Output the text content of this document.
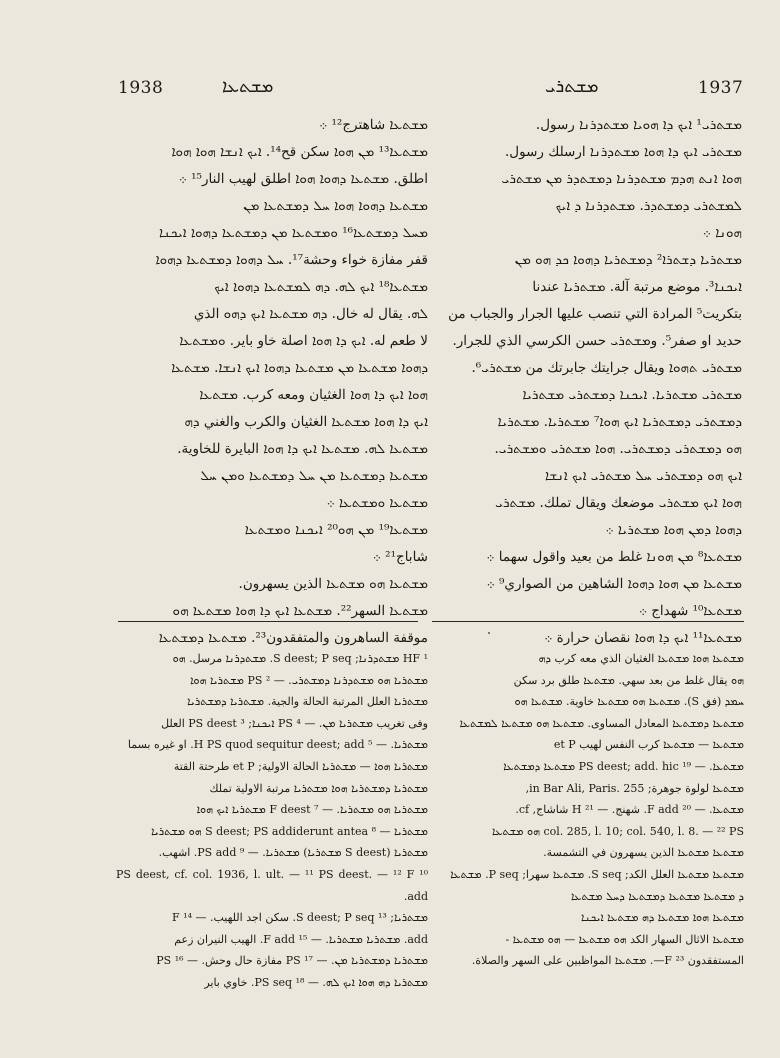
1938	ܡܫܬܥܐ	ܡܫܬܪܝ	1937

ܡܫܬܪܝ¹ ܐܝܟ ܕܐ ܗܘܝܐ ܡܫܬܕܪܢܐ رسول.

ܡܫܬܪܝ ܐܝܟ ܕܐ ܗܘܐ ܡܫܬܕܪܢܐ ارسلك رسول.

ܗܘܐ ܐܢܬ ܗܕܡ ܡܫܬܕܪܢܐ ܕܡܫܬܕܪ ܡܢ ܡܫܬܪܝ

ܠܡܫܬܪܝ ܕܡܫܬܕܪ. ܡܫܬܕܪܢܐ ܕ ܐܝܟ

ܗܘܢܐ ܀

ܡܫܬܪܝܐ ܕܫܬܪܐ² ܕܡܫܬܪܝܐ ܕܗܘܐ ܟܕ ܗܘ ܡܢ

ܐܝܟܢܐ³. موضع مرتبة آلة. ܡܫܬܪܝܐ عندنا

بتكريت⁵ المرادة التي تنصب عليها الجرار والجباب من

حديد او صفر⁵. وܡܫܬܪܝ حسن الكرسي الذي للجرار.

ܡܫܬܪܝ ܬܗܘܐ ويقال جرايتك جابرتك من ܡܫܬܪܝ⁶.

ܡܫܬܪܝ ܡܫܬܪܝܐ. ܐܝܟܢܐ ܕܡܫܬܪܝ ܡܫܬܪܝܐ

ܕܡܫܬܪܝ ܕܡܫܬܪܝܐ ܐܝܟ ܗܘܐ⁷ ܡܫܬܪܝܐ. ܡܫܬܪܝܐ

ܗܘ ܕܡܫܬܪܝ ܕܡܫܬܪܝ. ܗܘܐ ܡܫܬܪܝ ܘܡܫܬܪܝ.

ܐܝܟ ܗܘ ܕܡܫܬܪܝ ܚܠ ܡܫܬܪܝ ܐܝܟ ܐܢܫܐ

ܗܘܐ ܐܝܟ ܡܫܬܪܝ موضعك ويقال تملك. ܡܫܬܪܝ

ܕܗܘܐ ܕܡܢ ܗܘܐ ܡܫܬܪܝܐ ܀

ܡܫܬܥܐ⁸ ܡܢ ܗܘܢܐ غلط من بعيد واقول سهما ܀

ܡܫܬܥܐ ܡܢ ܗܘܐ ܕܗܘܐ الشاهين من الصواري⁹ ܀

ܡܫܬܥܐ¹⁰ شهداج ܀

ܡܫܬܥܐ¹¹ ܐܝܟ ܕܐ ܗܘܐ نقصان حرارة ܀

ܡܫܬܥܐ شاهترج¹² ܀

ܡܫܬܥܐ¹³ ܡܢ ܗܘܐ سكن قح¹⁴. ܐܝܟ ܐܢܫܐ ܗܘܐ ܗܘܐ

اطلق. ܡܫܬܥܐ ܕܗܘܐ ܗܘܐ اطلق لهيب النار¹⁵ ܀

ܡܫܬܥܐ ܕܗܘܐ ܗܘܐ ܚܠ ܕܡܫܬܥܐ ܡܢ

ܡܚܠ ܕܡܫܬܥܐ¹⁶ ܘܡܫܬܥܐ ܡܢ ܕܡܫܬܥܐ ܕܗܘܐ ܐܝܟܢܐ

قفر مفازة خواء وحشة¹⁷. ܚܠ ܕܗܘܐ ܕܡܫܬܥܐ ܕܗܘܐ

ܡܫܬܥܐ¹⁸ ܐܝܟ ܠܗ. ܕܗ ܠܡܫܬܥܐ ܕܗܘܐ ܐܝܟ

ܠܗ. يقال له خال. ܕܗ ܡܫܬܥܐ ܐܝܟ ܕܗܘ الذي

لا طعم له. ܐܝܟ ܕܐ ܗܘܐ اصلة خاو باير. ܘܡܫܬܥܐ

ܕܗܘܐ ܡܫܬܥܐ ܡܢ ܡܫܬܥܐ ܕܗܘܐ ܐܝܟ ܐܢܫܐ. ܡܫܬܥܐ

ܗܘܐ ܐܝܟ ܕܐ ܗܘܐ الغثيان ومعه كرب. ܡܫܬܥܐ

ܐܝܟ ܕܐ ܗܘܐ ܡܫܬܥܐ الغثيان والكرب والغني ܕܗ

ܡܫܬܥܐ ܠܗ. ܡܫܬܥܐ ܐܝܟ ܕܐ ܗܘܐ البايرة للخاوية.

ܡܫܬܥܐ ܕܡܫܬܥܐ ܡܢ ܚܠ ܕܡܫܬܥܐ ܘܡܢ ܚܠ

ܡܫܬܥܐ ܘܡܫܬܥܐ ܀

ܡܫܬܥܐ¹⁹ ܡܢ ܗܘ²⁰ ܐܝܟܢܐ ܘܡܫܬܥܐ

شاباج²¹ ܀

ܡܫܬܥܐ ܗܘ ܡܫܬܥܐ الذين يسهرون.

ܡܫܬܥܐ السهر²². ܡܫܬܥܐ ܐܝܟ ܕܐ ܗܘܐ ܡܫܬܥܐ ܗܘ

موقفة الساهرون والمتفقدون²³. ܡܫܬܥܐ ܕܡܫܬܥܐ

¹ HF ܡܫܬܕܪܢܐ; S deest; P seq. ܡܫܬܕܪܢܐ مرسل. ܗܘ

ܡܫܬܪܝܐ ܗܘ ܡܫܬܕܪܢܐ ܕܡܫܬܪܝ. — ² PS ܡܫܬܪܝܐ ܗܘܐ

ܡܫܬܪܝܐ العلل المرتبة الحالة والجية. ܡܫܬܪܝܐ ܕܡܫܬܪܝܐ

وفى تغريب ܡܫܬܪܝܐ ܡܢ. — ⁴ PS ܐܝܟܢܐ; ³ PS deest العلل

ܡܫܬܪܝܐ. — ⁵ H PS quod sequitur deest; add. او غيره بسما

ܡܫܬܪܝܐ ܗܘܐ — ܡܫܬܪܝܐ الحالة الاولية; et P طرحتة القتة

ܡܫܬܪܝܐ ܕܡܫܬܪܝܐ ܗܘܐ ܡܫܬܪܝܐ مرتبة الاولية تملك

ܡܫܬܪܝܐ ܗܘ ܡܫܬܪܝܐ. — ⁷ F deest ܡܫܬܪܝܐ ܐܝܟ ܗܘܐ

ܡܫܬܪܝܐ — ⁸ S deest; PS addiderunt antea ܗܘ ܡܫܬܪܝܐ

ܡܫܬܪܝܐ (S deest ܡܫܬܪܝܐ) ܡܫܬܪܝܐ. — ⁹ PS add. اشهب.

¹⁰ PS deest, cf. col. 1936, l. ult. — ¹¹ PS deest. — ¹² F add.

ܡܫܬܪܝܐ; ¹³ S deest; P seq. سكن اجد اللهيب. — ¹⁴ F

add. ܡܫܬܪܝܐ ܡܫܬܪܝܐ. — ¹⁵ F add. الهيب النيران زعم

ܡܫܬܪܝܐ ܕܡܫܬܪܝܐ ܡܢ. — ¹⁷ PS مفازة حال وحش. — ¹⁶ PS

ܡܫܬܪܝܐ ܕܗ ܗܘܐ ܐܝܟ ܠܗ. — ¹⁸ PS seq. خاوي باير

ܡܫܬܥܐ ܗܘܐ ܡܫܬܥܐ الغثيان الذي معه كرب ܕܗ

ܗܘ يقال غلط من بعد سهي. ܡܫܬܥܐ طلق برد سكن

ܚܡܕ (فق S). ܡܫܬܥܐ ܗܘ ܡܫܬܥܐ خاوية. ܡܫܬܥܐ ܗܘ

ܡܫܬܥܐ ܕܡܫܬܥܐ المعادل المساوى. ܡܫܬܥܐ ܗܘ ܡܫܬܥܐ ܠܡܫܬܥܐ

ܡܫܬܥܐ — ܡܫܬܥܐ كرب النفس لهيب et P

ܡܫܬܥܐ. — ¹⁹ PS deest; add. hic ܡܫܬܥܐ ܕܡܫܬܥܐ

ܡܫܬܥܐ لولوة جوهرة; in Bar Ali, Paris. 255,

ܡܫܬܥܐ. — ²⁰ F add. شهنج. — ²¹ H شاشاج, cf.

col. 285, l. 10; col. 540, l. 8. — ²² PS ܗܘ ܡܫܬܥܐ

ܡܫܬܥܐ ܡܫܬܥܐ الذين يسهرون في التشمسة.

ܡܫܬܥܐ ܡܫܬܥܐ العلل الكد; S seq. ܡܫܬܥܐ سهرا; P seq. ܡܫܬܥܐ

ܕ ܡܫܬܥܐ ܡܫܬܥܐ ܕܡܫܬܥܐ ܕܚܠ ܡܫܬܥܐ

ܡܫܬܥܐ ܗܘܐ ܡܫܬܥܐ ܕܗ ܡܫܬܥܐ ܐܝܟܢܐ

ܡܫܬܥܐ الاثال السهار الكد ܗܘ ܡܫܬܥܐ — ܗܘ ܡܫܬܥܐ -

المستفقدون ²³ F—. ܡܫܬܥܐ المواظبين على السهر والصلاة.
